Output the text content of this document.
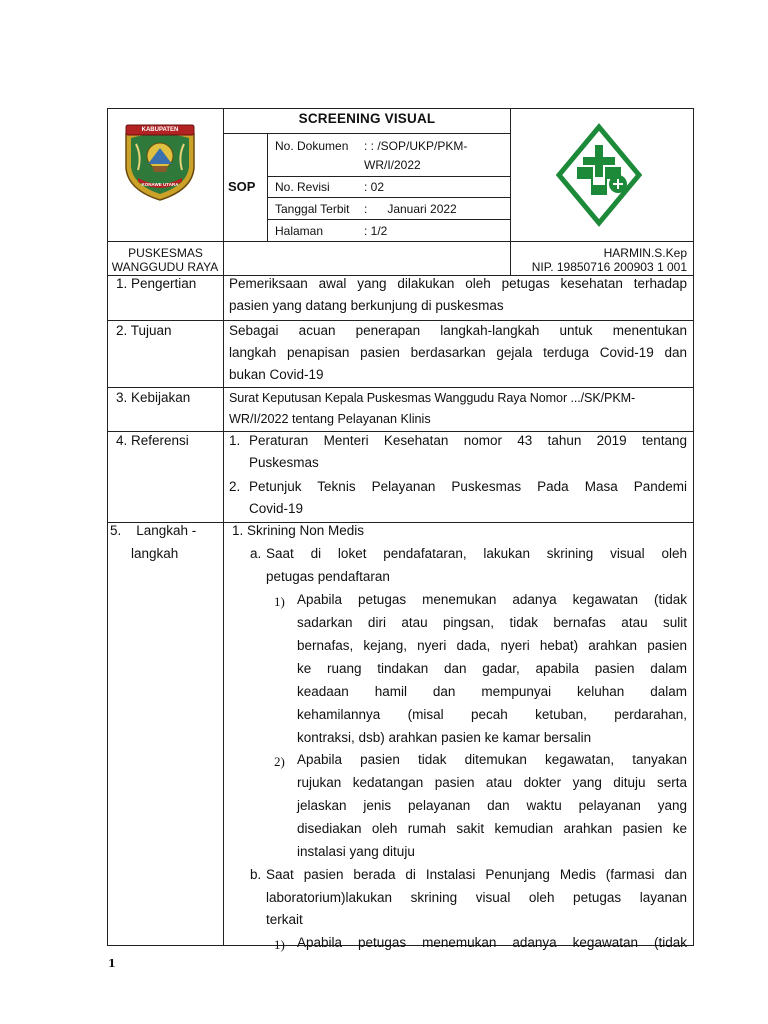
KABUPATEN
KONAWE UTARA
SCREENING VISUAL
SOP
No. Dokumen : : /SOP/UKP/PKM-
WR/I/2022
No. Revisi	: 02
Tanggal Terbit :      Januari 2022
Halaman	: 1/2
PUSKESMAS
WANGGUDU RAYA
HARMIN.S.Kep
NIP. 19850716 200903 1 001
1. Pengertian Pemeriksaan awal yang dilakukan oleh petugas kesehatan terhadap
pasien yang datang berkunjung di puskesmas
2. Tujuan	Sebagai acuan penerapan langkah-langkah untuk menentukan
langkah penapisan pasien berdasarkan gejala terduga Covid-19 dan
bukan Covid-19
3. Kebijakan	Surat Keputusan Kepala Puskesmas Wanggudu Raya Nomor .../SK/PKM-
WR/I/2022 tentang Pelayanan Klinis
4. Referensi	1. Peraturan Menteri Kesehatan nomor 43 tahun 2019 tentang
Puskesmas
2. Petunjuk Teknis Pelayanan Puskesmas Pada Masa Pandemi
Covid-19
5.    Langkah -
langkah
1. Skrining Non Medis
a. Saat di loket pendafataran, lakukan skrining visual oleh
petugas pendaftaran
1) Apabila petugas menemukan adanya kegawatan (tidak
sadarkan diri atau pingsan, tidak bernafas atau sulit
bernafas, kejang, nyeri dada, nyeri hebat) arahkan pasien
ke ruang tindakan dan gadar, apabila pasien dalam
keadaan hamil dan mempunyai keluhan dalam
kehamilannya (misal pecah ketuban, perdarahan,
kontraksi, dsb) arahkan pasien ke kamar bersalin
2) Apabila pasien tidak ditemukan kegawatan, tanyakan
rujukan kedatangan pasien atau dokter yang dituju serta
jelaskan jenis pelayanan dan waktu pelayanan yang
disediakan oleh rumah sakit kemudian arahkan pasien ke
instalasi yang dituju
b. Saat pasien berada di Instalasi Penunjang Medis (farmasi dan
laboratorium)lakukan skrining visual oleh petugas layanan
terkait
1) Apabila petugas menemukan adanya kegawatan (tidak
1
